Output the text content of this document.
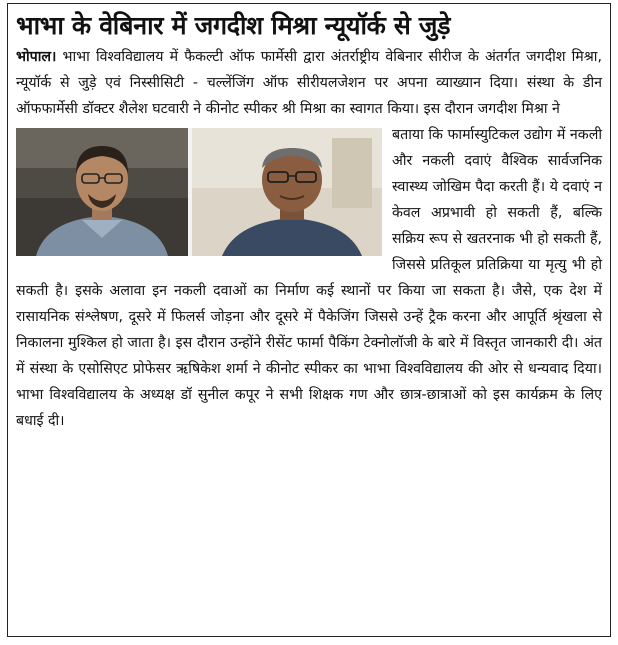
भाभा के वेबिनार में जगदीश मिश्रा न्यूयॉर्क से जुड़े

भोपाल। भाभा विश्वविद्यालय में फैकल्टी ऑफ फार्मेसी द्वारा अंतर्राष्ट्रीय वेबिनार सीरीज के अंतर्गत जगदीश मिश्रा, न्यूयॉर्क से जुड़े एवं निस्सीसिटी - चल्लेंजिंग ऑफ सीरीयलजेशन पर अपना व्याख्यान दिया। संस्था के डीन ऑफफार्मेसी डॉक्टर शैलेश घटवारी ने कीनोट स्पीकर श्री मिश्रा का स्वागत किया। इस दौरान जगदीश मिश्रा ने

बताया कि फार्मास्युटिकल उद्योग में नकली और नकली दवाएं वैश्विक सार्वजनिक स्वास्थ्य जोखिम पैदा करती हैं। ये दवाएं न केवल अप्रभावी हो सकती हैं, बल्कि सक्रिय रूप से खतरनाक भी हो सकती हैं, जिससे प्रतिकूल प्रतिक्रिया या मृत्यु भी हो सकती है। इसके अलावा इन नकली दवाओं का निर्माण कई स्थानों पर किया जा सकता है। जैसे, एक देश में रासायनिक संश्लेषण, दूसरे में फिलर्स जोड़ना और दूसरे में पैकेजिंग जिससे उन्हें ट्रैक करना और आपूर्ति श्रृंखला से निकालना मुश्किल हो जाता है। इस दौरान उन्होंने रीसेंट फार्मा पैकिंग टेक्नोलॉजी के बारे में विस्तृत जानकारी दी। अंत में संस्था के एसोसिएट प्रोफेसर ऋषिकेश शर्मा ने कीनोट स्पीकर का भाभा विश्वविद्यालय की ओर से धन्यवाद दिया। भाभा विश्वविद्यालय के अध्यक्ष डॉ सुनील कपूर ने सभी शिक्षक गण और छात्र-छात्राओं को इस कार्यक्रम के लिए बधाई दी।
